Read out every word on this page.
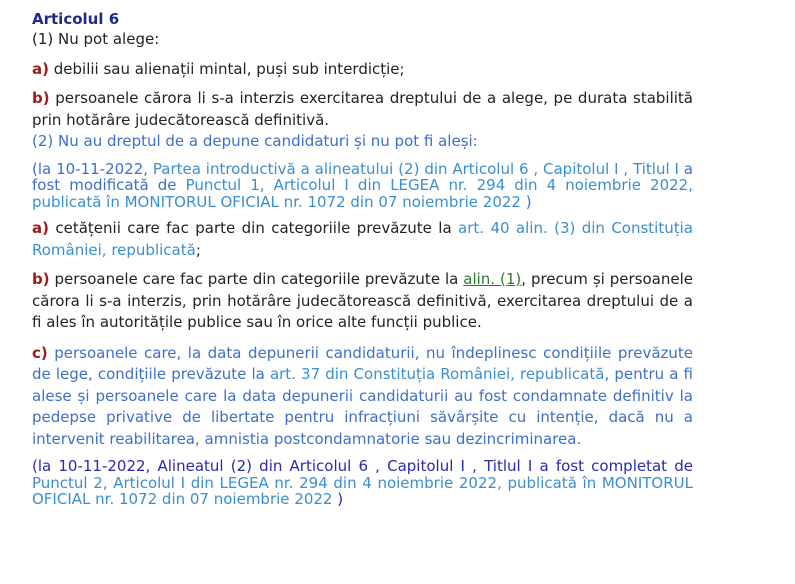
Articolul 6

(1) Nu pot alege:

a) debilii sau alienații mintal, puși sub interdicție;

b) persoanele cărora li s-a interzis exercitarea dreptului de a alege, pe durata stabilită prin hotărâre judecătorească definitivă.

(2) Nu au dreptul de a depune candidaturi și nu pot fi aleși:

(la 10-11-2022, Partea introductivă a alineatului (2) din Articolul 6 , Capitolul I , Titlul I a fost modificată de Punctul 1, Articolul I din LEGEA nr. 294 din 4 noiembrie 2022, publicată în MONITORUL OFICIAL nr. 1072 din 07 noiembrie 2022 )

a) cetățenii care fac parte din categoriile prevăzute la art. 40 alin. (3) din Constituția României, republicată;

b) persoanele care fac parte din categoriile prevăzute la alin. (1), precum și persoanele cărora li s-a interzis, prin hotărâre judecătorească definitivă, exercitarea dreptului de a fi ales în autoritățile publice sau în orice alte funcții publice.

c) persoanele care, la data depunerii candidaturii, nu îndeplinesc condițiile prevăzute de lege, condițiile prevăzute la art. 37 din Constituția României, republicată, pentru a fi alese și persoanele care la data depunerii candidaturii au fost condamnate definitiv la pedepse privative de libertate pentru infracțiuni săvârșite cu intenție, dacă nu a intervenit reabilitarea, amnistia postcondamnatorie sau dezincriminarea.

(la 10-11-2022, Alineatul (2) din Articolul 6 , Capitolul I , Titlul I a fost completat de Punctul 2, Articolul I din LEGEA nr. 294 din 4 noiembrie 2022, publicată în MONITORUL OFICIAL nr. 1072 din 07 noiembrie 2022 )
